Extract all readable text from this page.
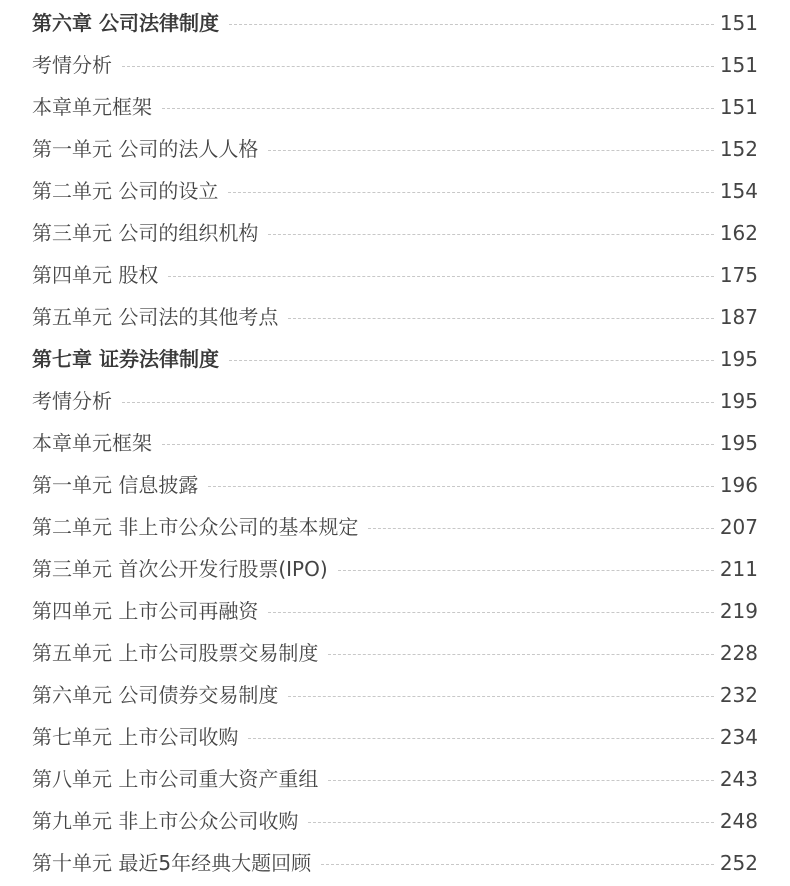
第六章 公司法律制度	151
考情分析	151
本章单元框架	151
第一单元 公司的法人人格	152
第二单元 公司的设立	154
第三单元 公司的组织机构	162
第四单元 股权	175
第五单元 公司法的其他考点	187
第七章 证券法律制度	195
考情分析	195
本章单元框架	195
第一单元 信息披露	196
第二单元 非上市公众公司的基本规定	207
第三单元 首次公开发行股票(IPO)	211
第四单元 上市公司再融资	219
第五单元 上市公司股票交易制度	228
第六单元 公司债券交易制度	232
第七单元 上市公司收购	234
第八单元 上市公司重大资产重组	243
第九单元 非上市公众公司收购	248
第十单元 最近5年经典大题回顾	252
